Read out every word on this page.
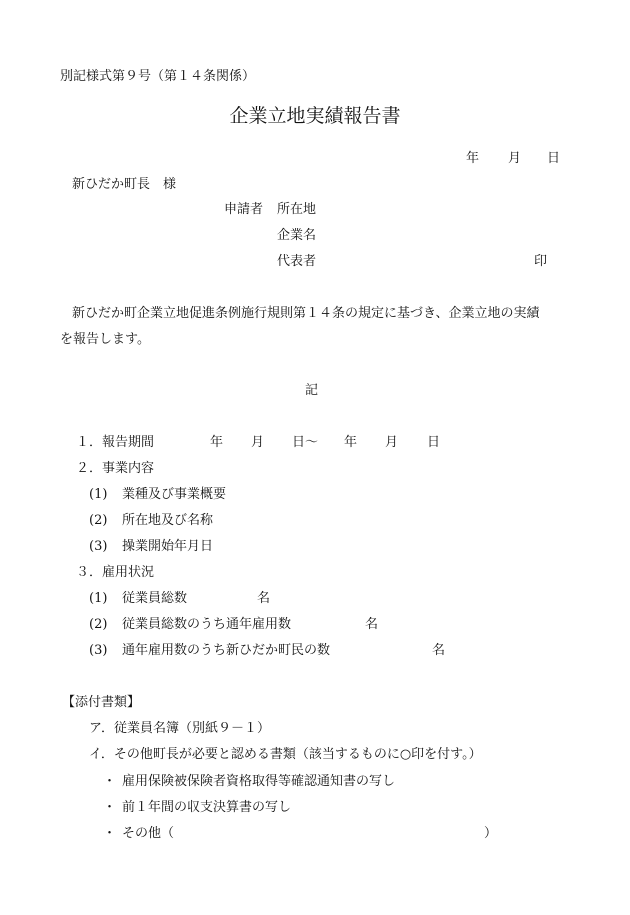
別記様式第９号（第１４条関係）
企業立地実績報告書
年 月 日
新ひだか町長　様
申請者 所在地
企業名
代表者	印
新ひだか町企業立地促進条例施行規則第１４条の規定に基づき、企業立地の実績
を報告します。
記
１．報告期間	年 月 日～ 年 月 日
２．事業内容
(1) 業種及び事業概要
(2) 所在地及び名称
(3) 操業開始年月日
３．雇用状況
(1) 従業員総数	名
(2) 従業員総数のうち通年雇用数	名
(3) 通年雇用数のうち新ひだか町民の数	名
【添付書類】
ア．従業員名簿（別紙９－１）
イ．その他町長が必要と認める書類（該当するものに○印を付す。）
・ 雇用保険被保険者資格取得等確認通知書の写し
・ 前１年間の収支決算書の写し
・ その他（	）
